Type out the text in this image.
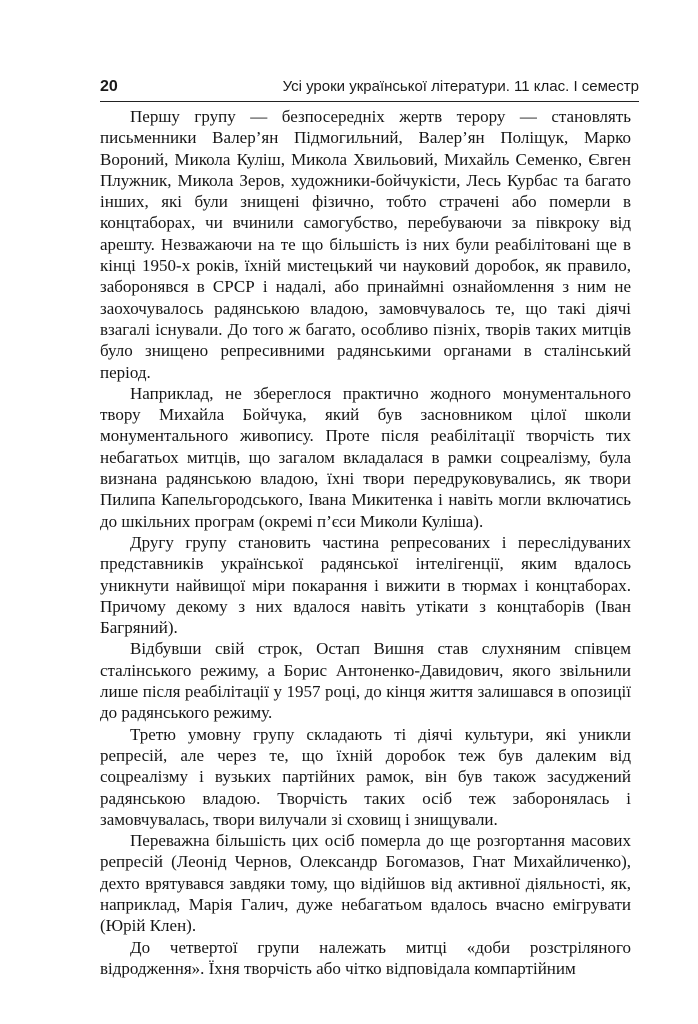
20	Усі уроки української літератури. 11 клас. І семестр

Першу групу — безпосередніх жертв терору — становлять письменники Валер’ян Підмогильний, Валер’ян Поліщук, Марко Вороний, Микола Куліш, Микола Хвильовий, Михайль Семенко, Євген Плужник, Микола Зеров, художники-бойчукісти, Лесь Курбас та багато інших, які були знищені фізично, тобто страчені або померли в концтаборах, чи вчинили самогубство, перебуваючи за півкроку від арешту. Незважаючи на те що більшість із них були реабілітовані ще в кінці 1950-х років, їхній мистецький чи науковий доробок, як правило, заборонявся в СРСР і надалі, або принаймні ознайомлення з ним не заохочувалось радянською владою, замовчувалось те, що такі діячі взагалі існували. До того ж багато, особливо пізніх, творів таких митців було знищено репресивними радянськими органами в сталінський період.

Наприклад, не збереглося практично жодного монументального твору Михайла Бойчука, який був засновником цілої школи монументального живопису. Проте після реабілітації творчість тих небагатьох митців, що загалом вкладалася в рамки соцреалізму, була визнана радянською владою, їхні твори передруковувались, як твори Пилипа Капельгородського, Івана Микитенка і навіть могли включатись до шкільних програм (окремі п’єси Миколи Куліша).

Другу групу становить частина репресованих і переслідуваних представників української радянської інтелігенції, яким вдалось уникнути найвищої міри покарання і вижити в тюрмах і концтаборах. Причому декому з них вдалося навіть утікати з концтаборів (Іван Багряний).

Відбувши свій строк, Остап Вишня став слухняним співцем сталінського режиму, а Борис Антоненко-Давидович, якого звільнили лише після реабілітації у 1957 році, до кінця життя залишався в опозиції до радянського режиму.

Третю умовну групу складають ті діячі культури, які уникли репресій, але через те, що їхній доробок теж був далеким від соцреалізму і вузьких партійних рамок, він був також засуджений радянською владою. Творчість таких осіб теж заборонялась і замовчувалась, твори вилучали зі сховищ і знищували.

Переважна більшість цих осіб померла до ще розгортання масових репресій (Леонід Чернов, Олександр Богомазов, Гнат Михайличенко), дехто врятувався завдяки тому, що відійшов від активної діяльності, як, наприклад, Марія Галич, дуже небагатьом вдалось вчасно емігрувати (Юрій Клен).

До четвертої групи належать митці «доби розстріляного відродження». Їхня творчість або чітко відповідала компартійним
